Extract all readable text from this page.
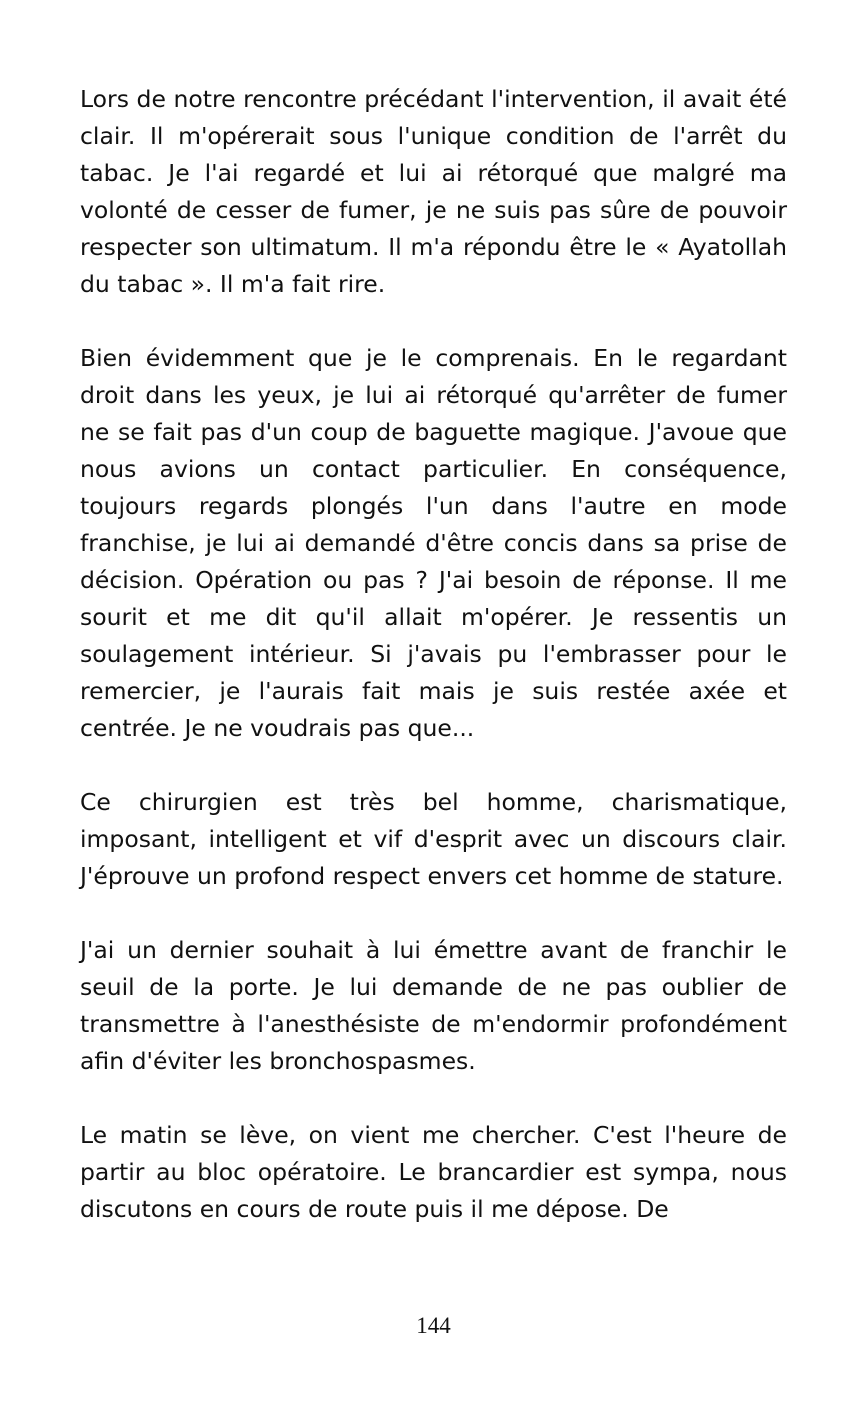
Lors de notre rencontre précédant l'intervention, il avait été clair. Il m'opérerait sous l'unique condition de l'arrêt du tabac. Je l'ai regardé et lui ai rétorqué que malgré ma volonté de cesser de fumer, je ne suis pas sûre de pouvoir respecter son ultimatum. Il m'a répondu être le « Ayatollah du tabac ». Il m'a fait rire.

Bien évidemment que je le comprenais. En le regardant droit dans les yeux, je lui ai rétorqué qu'arrêter de fumer ne se fait pas d'un coup de baguette magique. J'avoue que nous avions un contact particulier. En conséquence, toujours regards plongés l'un dans l'autre en mode franchise, je lui ai demandé d'être concis dans sa prise de décision. Opération ou pas ? J'ai besoin de réponse. Il me sourit et me dit qu'il allait m'opérer. Je ressentis un soulagement intérieur. Si j'avais pu l'embrasser pour le remercier, je l'aurais fait mais je suis restée axée et centrée. Je ne voudrais pas que...

Ce chirurgien est très bel homme, charismatique, imposant, intelligent et vif d'esprit avec un discours clair. J'éprouve un profond respect envers cet homme de stature.

J'ai un dernier souhait à lui émettre avant de franchir le seuil de la porte. Je lui demande de ne pas oublier de transmettre à l'anesthésiste de m'endormir profondément afin d'éviter les bronchospasmes.

Le matin se lève, on vient me chercher. C'est l'heure de partir au bloc opératoire. Le brancardier est sympa, nous discutons en cours de route puis il me dépose. De

144
